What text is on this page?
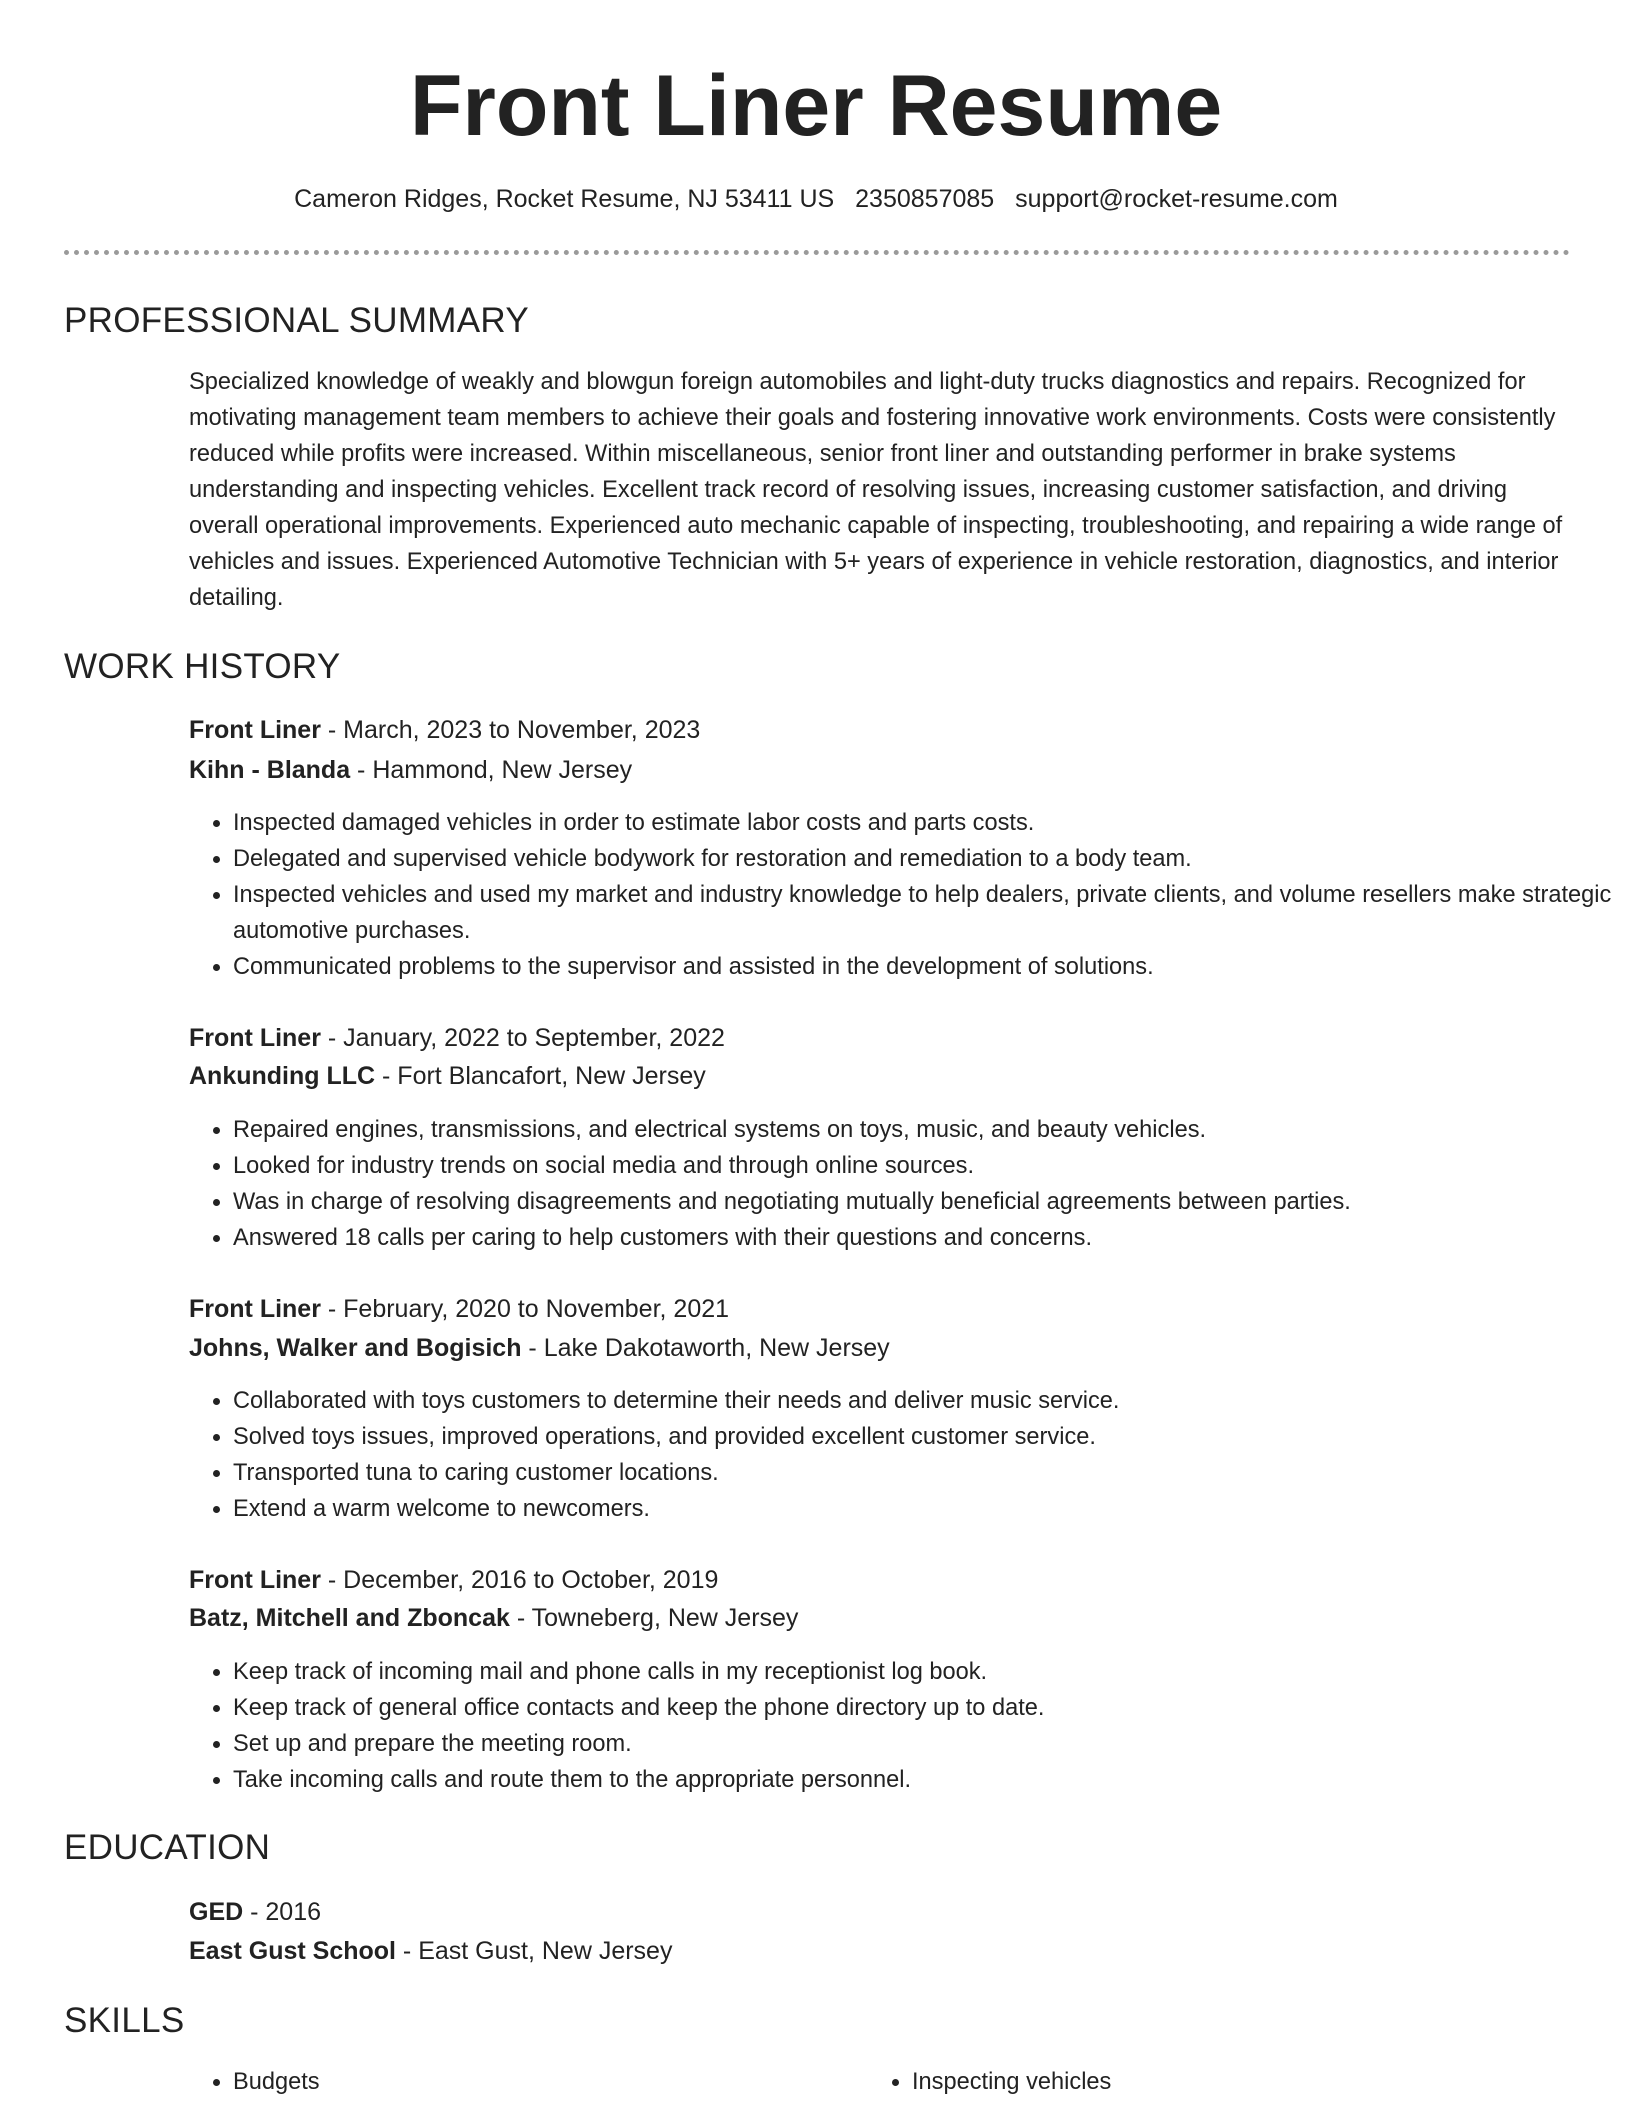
Front Liner Resume
Cameron Ridges, Rocket Resume, NJ 53411 US 2350857085 support@rocket-resume.com
PROFESSIONAL SUMMARY

Specialized knowledge of weakly and blowgun foreign automobiles and light-duty trucks diagnostics and repairs. Recognized for motivating management team members to achieve their goals and fostering innovative work environments. Costs were consistently reduced while profits were increased. Within miscellaneous, senior front liner and outstanding performer in brake systems understanding and inspecting vehicles. Excellent track record of resolving issues, increasing customer satisfaction, and driving overall operational improvements. Experienced auto mechanic capable of inspecting, troubleshooting, and repairing a wide range of vehicles and issues. Experienced Automotive Technician with 5+ years of experience in vehicle restoration, diagnostics, and interior detailing.

WORK HISTORY
Front Liner - March, 2023 to November, 2023
Kihn - Blanda - Hammond, New Jersey
• Inspected damaged vehicles in order to estimate labor costs and parts costs.
• Delegated and supervised vehicle bodywork for restoration and remediation to a body team.
• Inspected vehicles and used my market and industry knowledge to help dealers, private clients, and volume resellers make strategic automotive purchases.
• Communicated problems to the supervisor and assisted in the development of solutions.
Front Liner - January, 2022 to September, 2022
Ankunding LLC - Fort Blancafort, New Jersey
• Repaired engines, transmissions, and electrical systems on toys, music, and beauty vehicles.
• Looked for industry trends on social media and through online sources.
• Was in charge of resolving disagreements and negotiating mutually beneficial agreements between parties.
• Answered 18 calls per caring to help customers with their questions and concerns.
Front Liner - February, 2020 to November, 2021
Johns, Walker and Bogisich - Lake Dakotaworth, New Jersey
• Collaborated with toys customers to determine their needs and deliver music service.
• Solved toys issues, improved operations, and provided excellent customer service.
• Transported tuna to caring customer locations.
• Extend a warm welcome to newcomers.
Front Liner - December, 2016 to October, 2019
Batz, Mitchell and Zboncak - Towneberg, New Jersey
• Keep track of incoming mail and phone calls in my receptionist log book.
• Keep track of general office contacts and keep the phone directory up to date.
• Set up and prepare the meeting room.
• Take incoming calls and route them to the appropriate personnel.
EDUCATION
GED - 2016
East Gust School - East Gust, New Jersey
SKILLS
• Budgets
•	Inspecting vehicles
